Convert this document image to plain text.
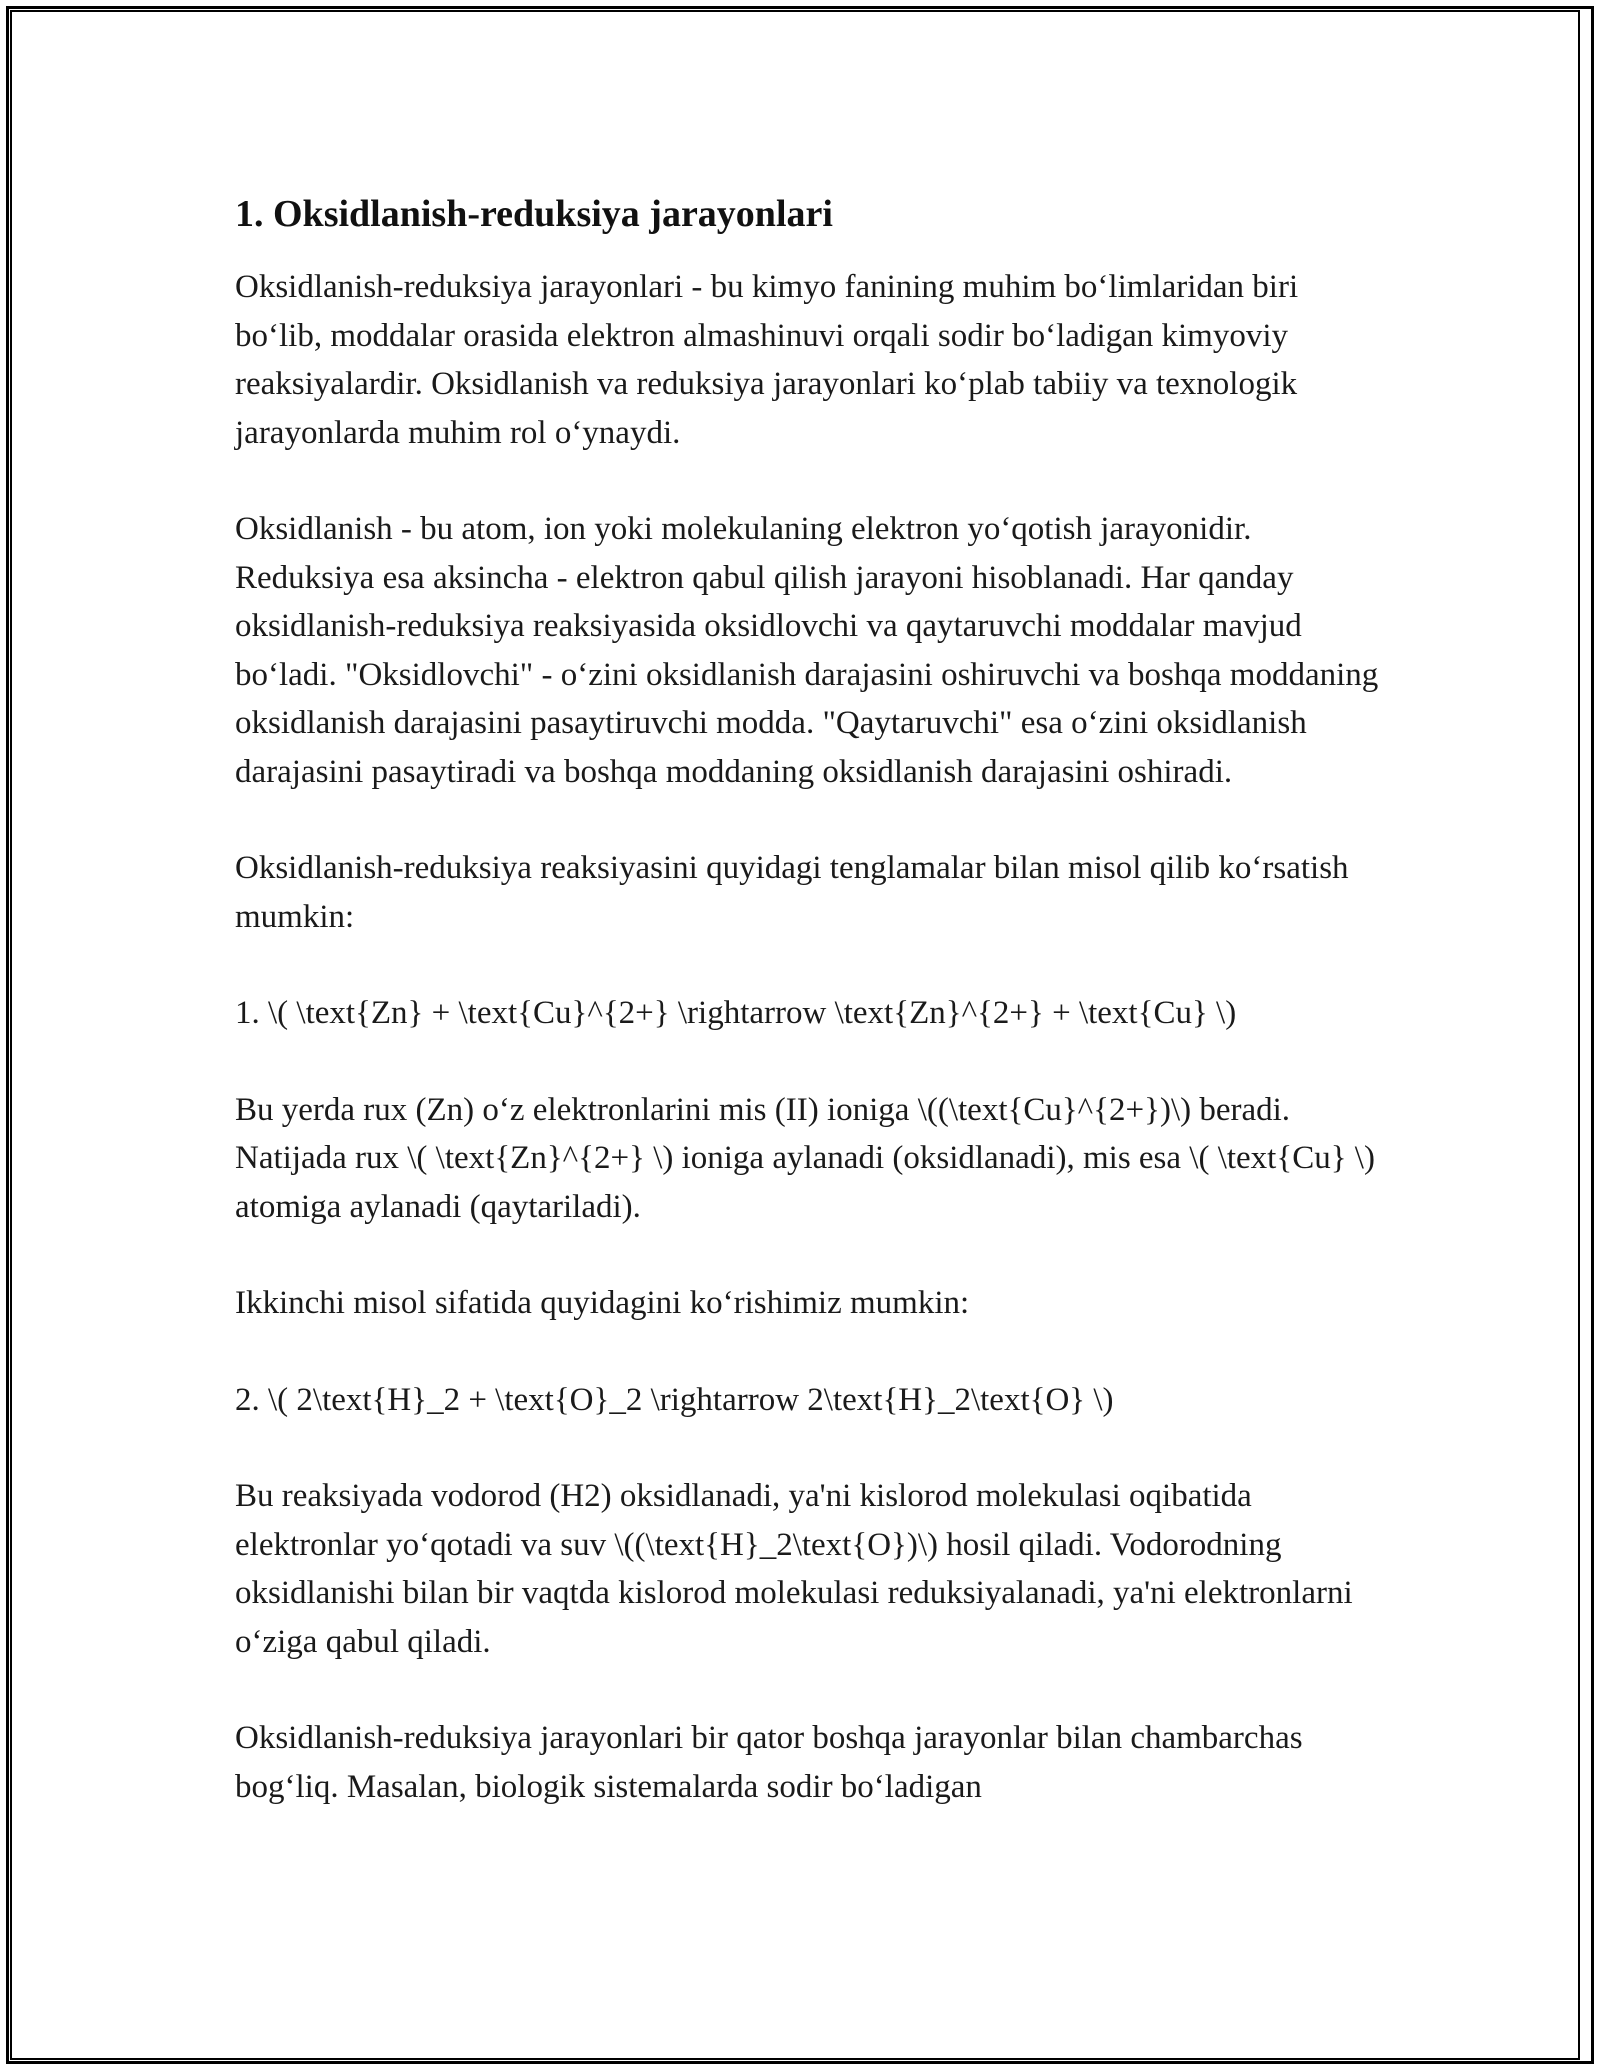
1. Oksidlanish-reduksiya jarayonlari

Oksidlanish-reduksiya jarayonlari - bu kimyo fanining muhim bo‘limlaridan biri bo‘lib, moddalar orasida elektron almashinuvi orqali sodir bo‘ladigan kimyoviy reaksiyalardir. Oksidlanish va reduksiya jarayonlari ko‘plab tabiiy va texnologik jarayonlarda muhim rol o‘ynaydi.

Oksidlanish - bu atom, ion yoki molekulaning elektron yo‘qotish jarayonidir. Reduksiya esa aksincha - elektron qabul qilish jarayoni hisoblanadi. Har qanday oksidlanish-reduksiya reaksiyasida oksidlovchi va qaytaruvchi moddalar mavjud bo‘ladi. "Oksidlovchi" - o‘zini oksidlanish darajasini oshiruvchi va boshqa moddaning oksidlanish darajasini pasaytiruvchi modda. "Qaytaruvchi" esa o‘zini oksidlanish darajasini pasaytiradi va boshqa moddaning oksidlanish darajasini oshiradi.

Oksidlanish-reduksiya reaksiyasini quyidagi tenglamalar bilan misol qilib ko‘rsatish mumkin:

1. \( \text{Zn} + \text{Cu}^{2+} \rightarrow \text{Zn}^{2+} + \text{Cu} \)

Bu yerda rux (Zn) o‘z elektronlarini mis (II) ioniga \((\text{Cu}^{2+})\) beradi. Natijada rux \( \text{Zn}^{2+} \) ioniga aylanadi (oksidlanadi), mis esa \( \text{Cu} \) atomiga aylanadi (qaytariladi).

Ikkinchi misol sifatida quyidagini ko‘rishimiz mumkin:

2. \( 2\text{H}_2 + \text{O}_2 \rightarrow 2\text{H}_2\text{O} \)

Bu reaksiyada vodorod (H2) oksidlanadi, ya'ni kislorod molekulasi oqibatida elektronlar yo‘qotadi va suv \((\text{H}_2\text{O})\) hosil qiladi. Vodorodning oksidlanishi bilan bir vaqtda kislorod molekulasi reduksiyalanadi, ya'ni elektronlarni o‘ziga qabul qiladi.

Oksidlanish-reduksiya jarayonlari bir qator boshqa jarayonlar bilan chambarchas bog‘liq. Masalan, biologik sistemalarda sodir bo‘ladigan
